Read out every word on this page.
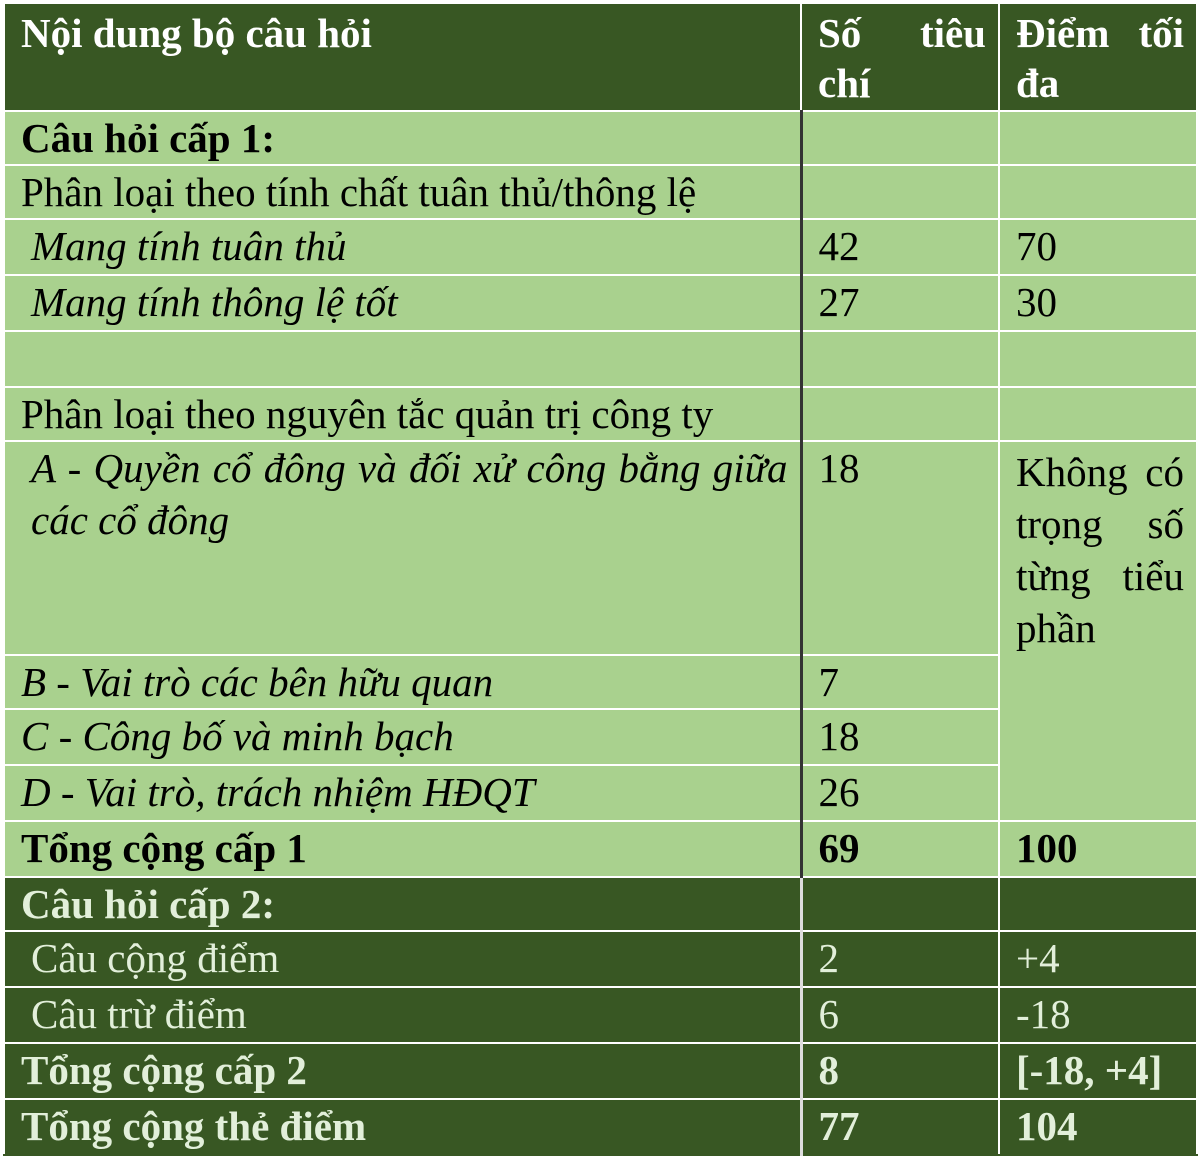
Nội dung bộ câu hỏi	Số tiêu chí	Điểm tối đa
Câu hỏi cấp 1:		
Phân loại theo tính chất tuân thủ/thông lệ		
Mang tính tuân thủ	42	70
Mang tính thông lệ tốt	27	30

Phân loại theo nguyên tắc quản trị công ty		
A - Quyền cổ đông và đối xử công bằng giữa các cổ đông	18	Không có trọng số từng tiểu phần
B - Vai trò các bên hữu quan	7	
C - Công bố và minh bạch	18	
D - Vai trò, trách nhiệm HĐQT	26	
Tổng cộng cấp 1	69	100
Câu hỏi cấp 2:		
Câu cộng điểm	2	+4
Câu trừ điểm	6	-18
Tổng cộng cấp 2	8	[-18, +4]
Tổng cộng thẻ điểm	77	104
